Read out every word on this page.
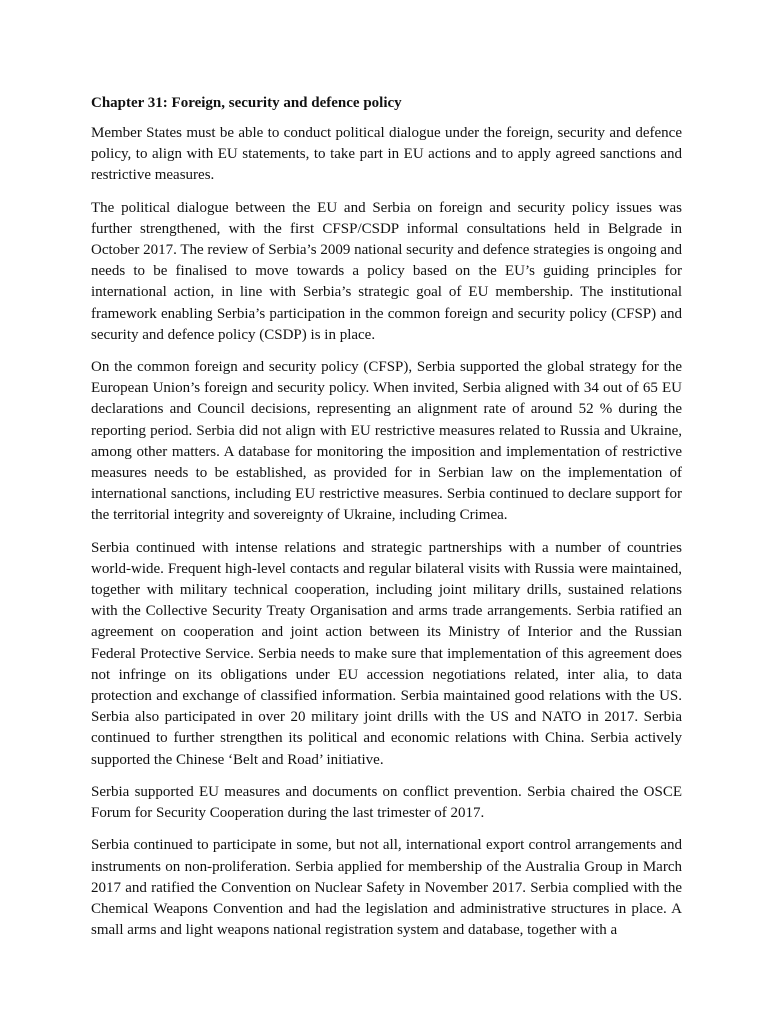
Chapter 31: Foreign, security and defence policy

Member States must be able to conduct political dialogue under the foreign, security and defence policy, to align with EU statements, to take part in EU actions and to apply agreed sanctions and restrictive measures.

The political dialogue between the EU and Serbia on foreign and security policy issues was further strengthened, with the first CFSP/CSDP informal consultations held in Belgrade in October 2017. The review of Serbia’s 2009 national security and defence strategies is ongoing and needs to be finalised to move towards a policy based on the EU’s guiding principles for international action, in line with Serbia’s strategic goal of EU membership. The institutional framework enabling Serbia’s participation in the common foreign and security policy (CFSP) and security and defence policy (CSDP) is in place.

On the common foreign and security policy (CFSP), Serbia supported the global strategy for the European Union’s foreign and security policy. When invited, Serbia aligned with 34 out of 65 EU declarations and Council decisions, representing an alignment rate of around 52 % during the reporting period. Serbia did not align with EU restrictive measures related to Russia and Ukraine, among other matters. A database for monitoring the imposition and implementation of restrictive measures needs to be established, as provided for in Serbian law on the implementation of international sanctions, including EU restrictive measures. Serbia continued to declare support for the territorial integrity and sovereignty of Ukraine, including Crimea.

Serbia continued with intense relations and strategic partnerships with a number of countries world-wide. Frequent high-level contacts and regular bilateral visits with Russia were maintained, together with military technical cooperation, including joint military drills, sustained relations with the Collective Security Treaty Organisation and arms trade arrangements. Serbia ratified an agreement on cooperation and joint action between its Ministry of Interior and the Russian Federal Protective Service. Serbia needs to make sure that implementation of this agreement does not infringe on its obligations under EU accession negotiations related, inter alia, to data protection and exchange of classified information. Serbia maintained good relations with the US. Serbia also participated in over 20 military joint drills with the US and NATO in 2017. Serbia continued to further strengthen its political and economic relations with China. Serbia actively supported the Chinese ‘Belt and Road’ initiative.

Serbia supported EU measures and documents on conflict prevention. Serbia chaired the OSCE Forum for Security Cooperation during the last trimester of 2017.

Serbia continued to participate in some, but not all, international export control arrangements and instruments on non-proliferation. Serbia applied for membership of the Australia Group in March 2017 and ratified the Convention on Nuclear Safety in November 2017. Serbia complied with the Chemical Weapons Convention and had the legislation and administrative structures in place. A small arms and light weapons national registration system and database, together with a
